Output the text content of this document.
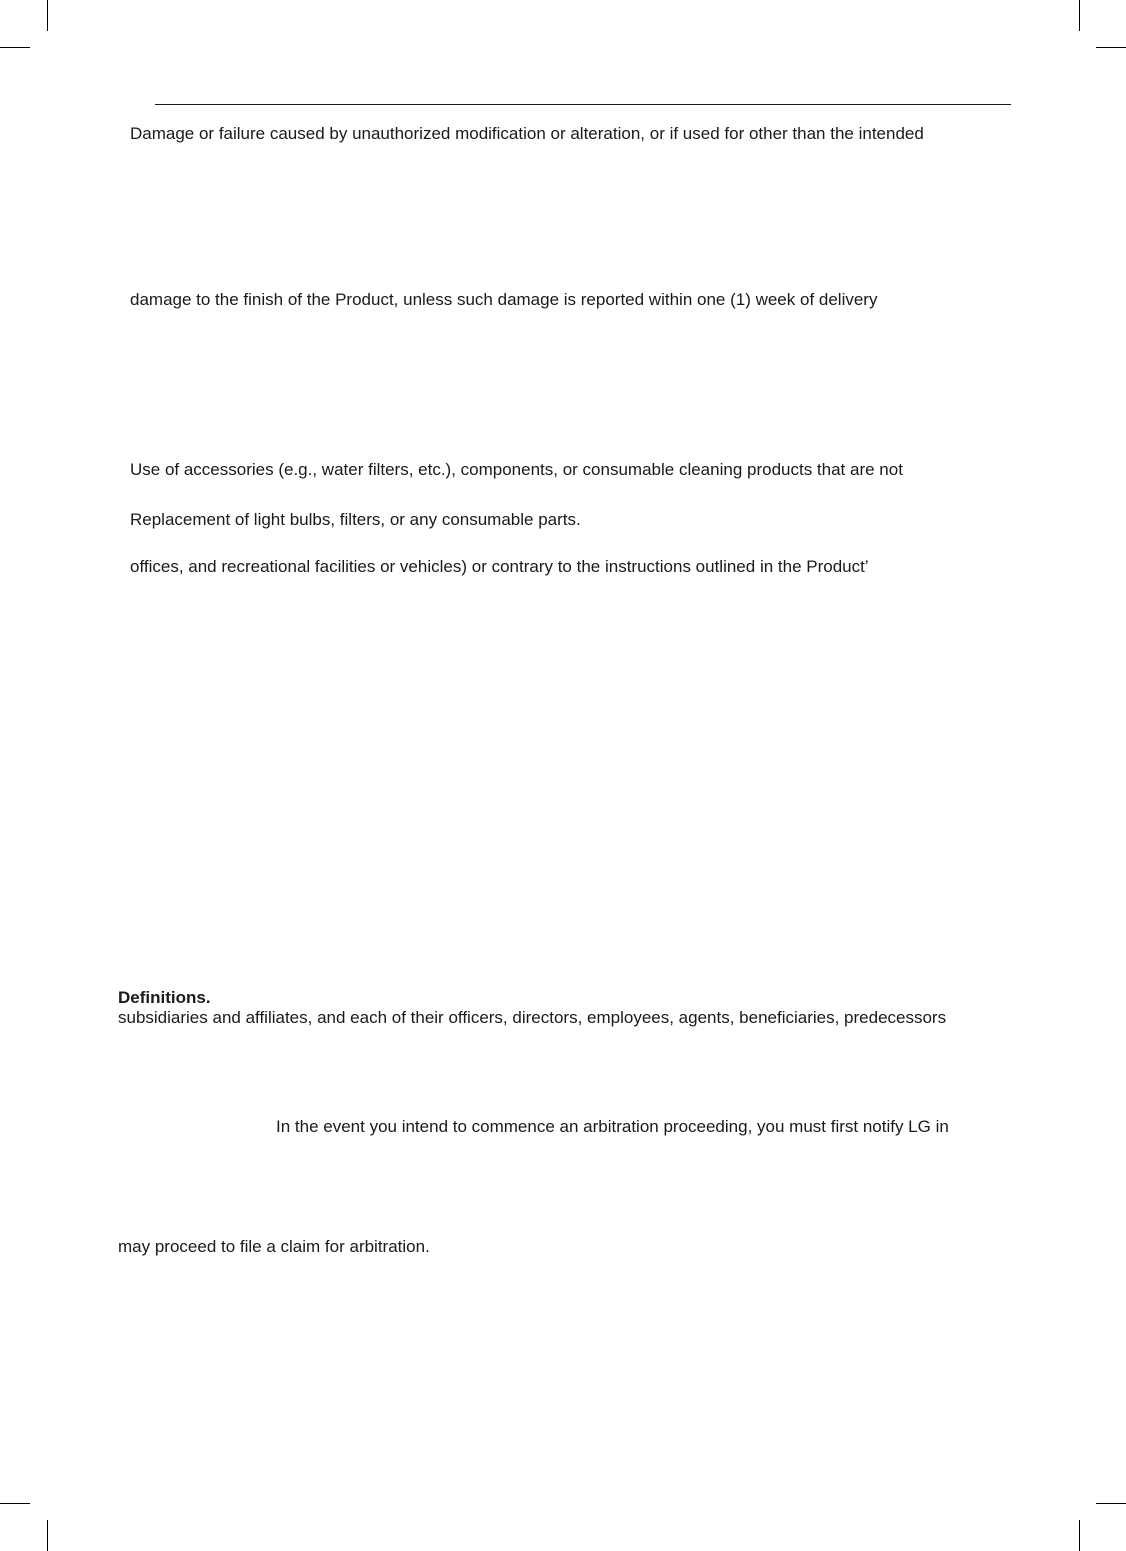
Damage or failure caused by unauthorized modification or alteration, or if used for other than the intended

damage to the finish of the Product, unless such damage is reported within one (1) week of delivery

Use of accessories (e.g., water filters, etc.), components, or consumable cleaning products that are not

Replacement of light bulbs, filters, or any consumable parts.

offices, and recreational facilities or vehicles) or contrary to the instructions outlined in the Product’

Definitions.

subsidiaries and affiliates, and each of their officers, directors, employees, agents, beneficiaries, predecessors

In the event you intend to commence an arbitration proceeding, you must first notify LG in

may proceed to file a claim for arbitration.
